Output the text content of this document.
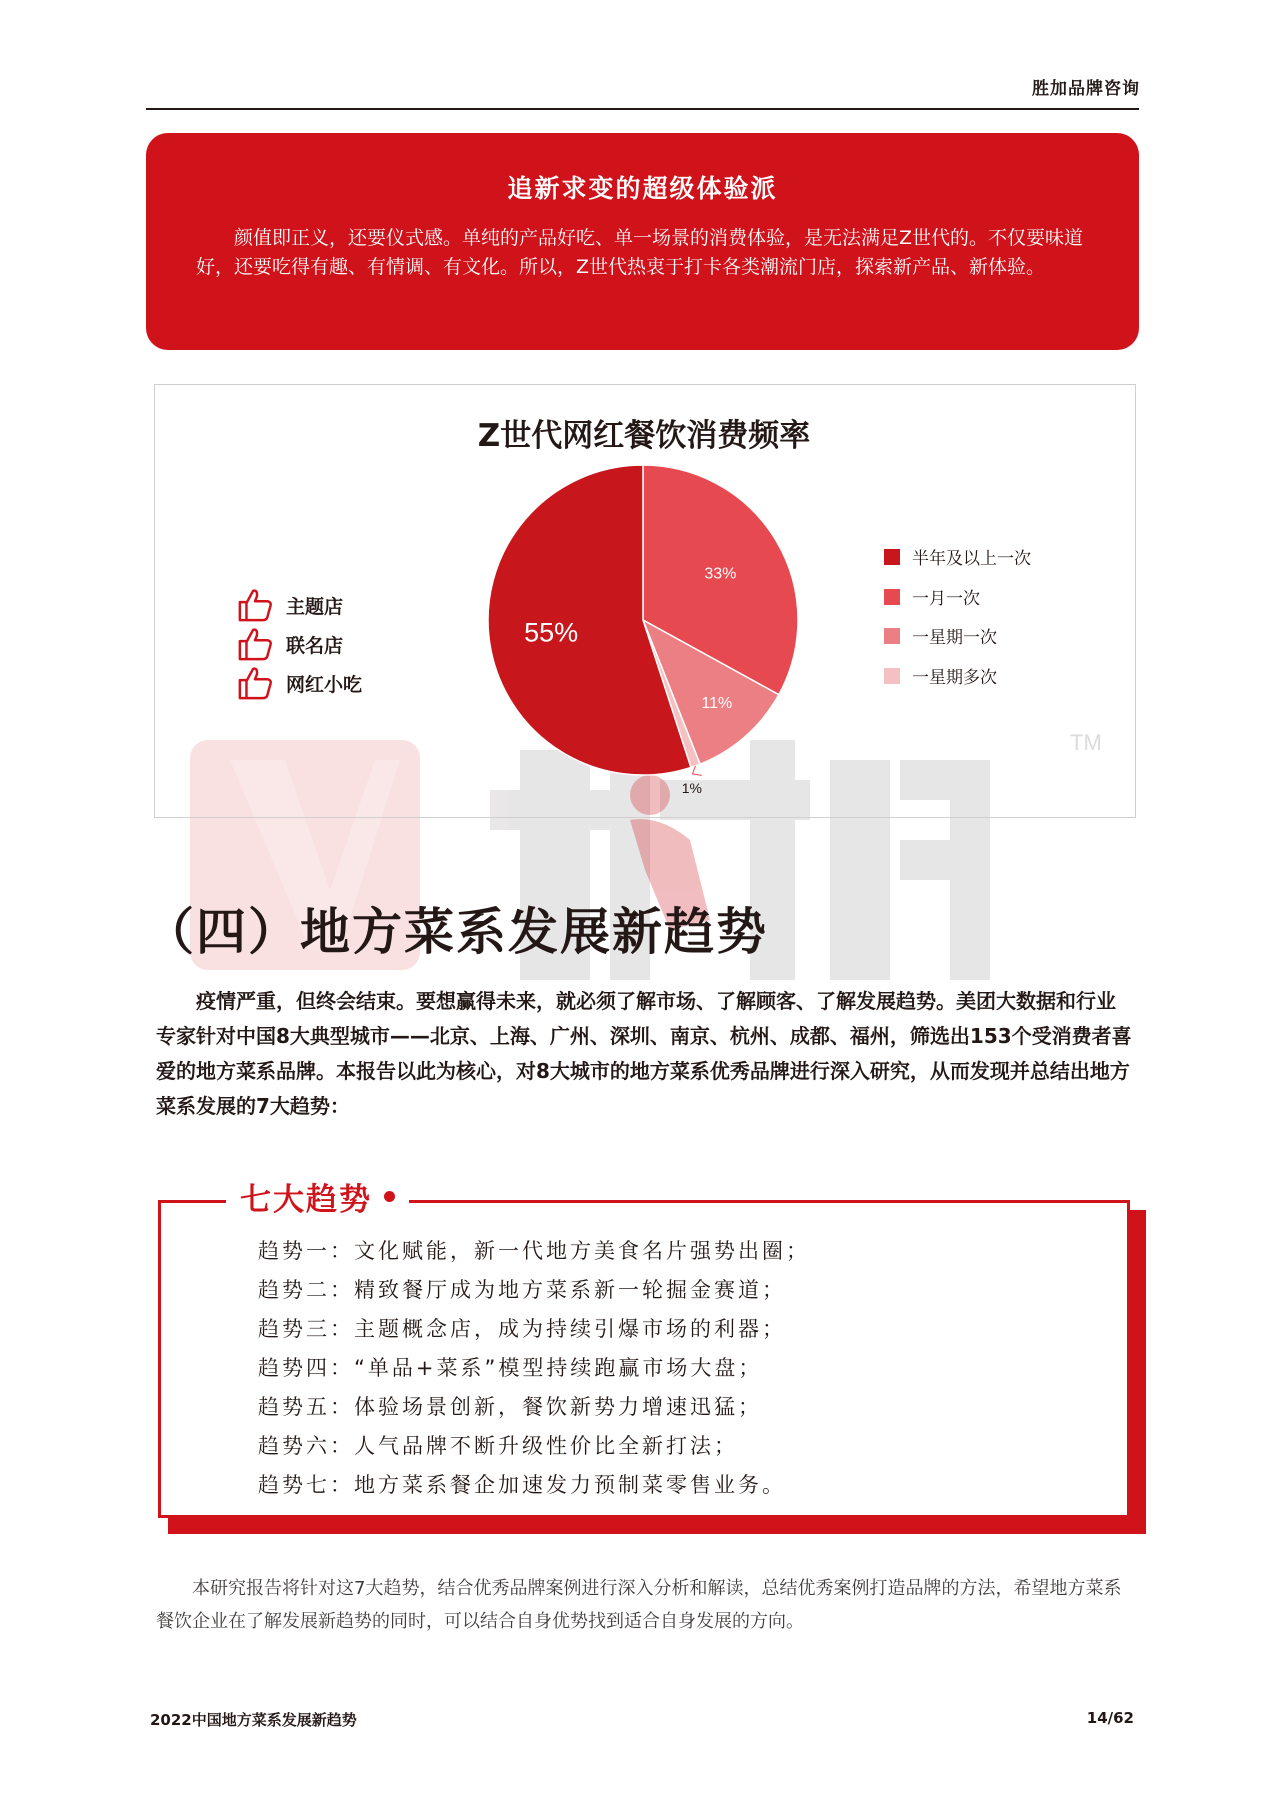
胜加品牌咨询
追新求变的超级体验派
颜值即正义，还要仪式感。单纯的产品好吃、单一场景的消费体验，是无法满足Z世代的。不仅要味道好，还要吃得有趣、有情调、有文化。所以，Z世代热衷于打卡各类潮流门店，探索新产品、新体验。
TM
Z世代网红餐饮消费频率
55%
33%
11%
1%
主题店
联名店
网红小吃
半年及以上一次
一月一次
一星期一次
一星期多次
（四）地方菜系发展新趋势
疫情严重，但终会结束。要想赢得未来，就必须了解市场、了解顾客、了解发展趋势。美团大数据和行业专家针对中国8大典型城市——北京、上海、广州、深圳、南京、杭州、成都、福州，筛选出153个受消费者喜爱的地方菜系品牌。本报告以此为核心，对8大城市的地方菜系优秀品牌进行深入研究，从而发现并总结出地方菜系发展的7大趋势：
七大趋势
趋势一：文化赋能，新一代地方美食名片强势出圈；
趋势二：精致餐厅成为地方菜系新一轮掘金赛道；
趋势三：主题概念店，成为持续引爆市场的利器；
趋势四：“单品+菜系”模型持续跑赢市场大盘；
趋势五：体验场景创新，餐饮新势力增速迅猛；
趋势六：人气品牌不断升级性价比全新打法；
趋势七：地方菜系餐企加速发力预制菜零售业务。
本研究报告将针对这7大趋势，结合优秀品牌案例进行深入分析和解读，总结优秀案例打造品牌的方法，希望地方菜系餐饮企业在了解发展新趋势的同时，可以结合自身优势找到适合自身发展的方向。
2022中国地方菜系发展新趋势	14/62
